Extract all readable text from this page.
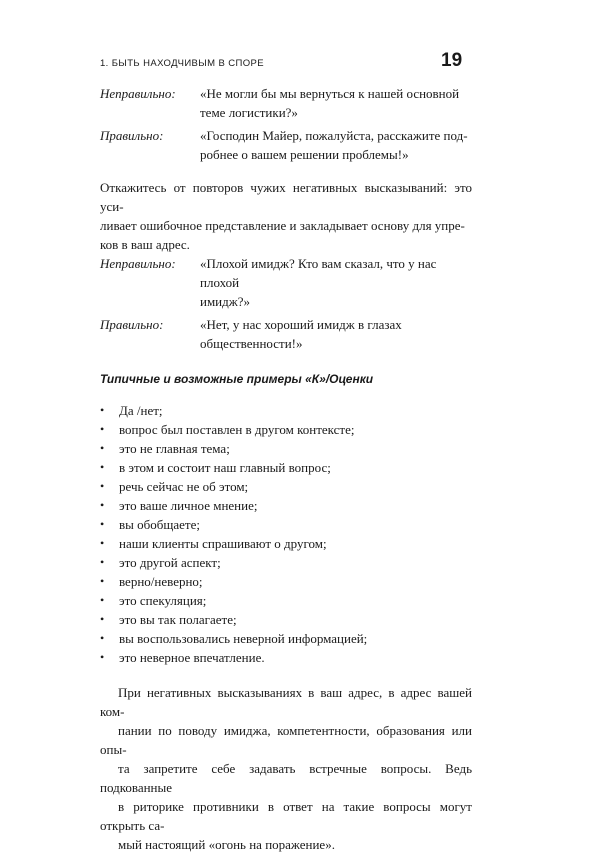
1. БЫТЬ НАХОДЧИВЫМ В СПОРЕ	19
Неправильно: «Не могли бы мы вернуться к нашей основной
теме логистики?»
Правильно:	«Господин Майер, пожалуйста, расскажите под-
робнее о вашем решении проблемы!»
Откажитесь от повторов чужих негативных высказываний: это уси-
ливает ошибочное представление и закладывает основу для упре-
ков в ваш адрес.
Неправильно: «Плохой имидж? Кто вам сказал, что у нас плохой
имидж?»
Правильно:	«Нет, у нас хороший имидж в глазах общественности!»
Типичные и возможные примеры «К»/Оценки
• Да /нет;
• вопрос был поставлен в другом контексте;
• это не главная тема;
• в этом и состоит наш главный вопрос;
• речь сейчас не об этом;
• это ваше личное мнение;
• вы обобщаете;
• наши клиенты спрашивают о другом;
• это другой аспект;
• верно/неверно;
• это спекуляция;
• это вы так полагаете;
• вы воспользовались неверной информацией;
• это неверное впечатление.
При негативных высказываниях в ваш адрес, в адрес вашей ком-
пании по поводу имиджа, компетентности, образования или опы-
та запретите себе задавать встречные вопросы. Ведь подкованные
в риторике противники в ответ на такие вопросы могут открыть са-
мый настоящий «огонь на поражение».
